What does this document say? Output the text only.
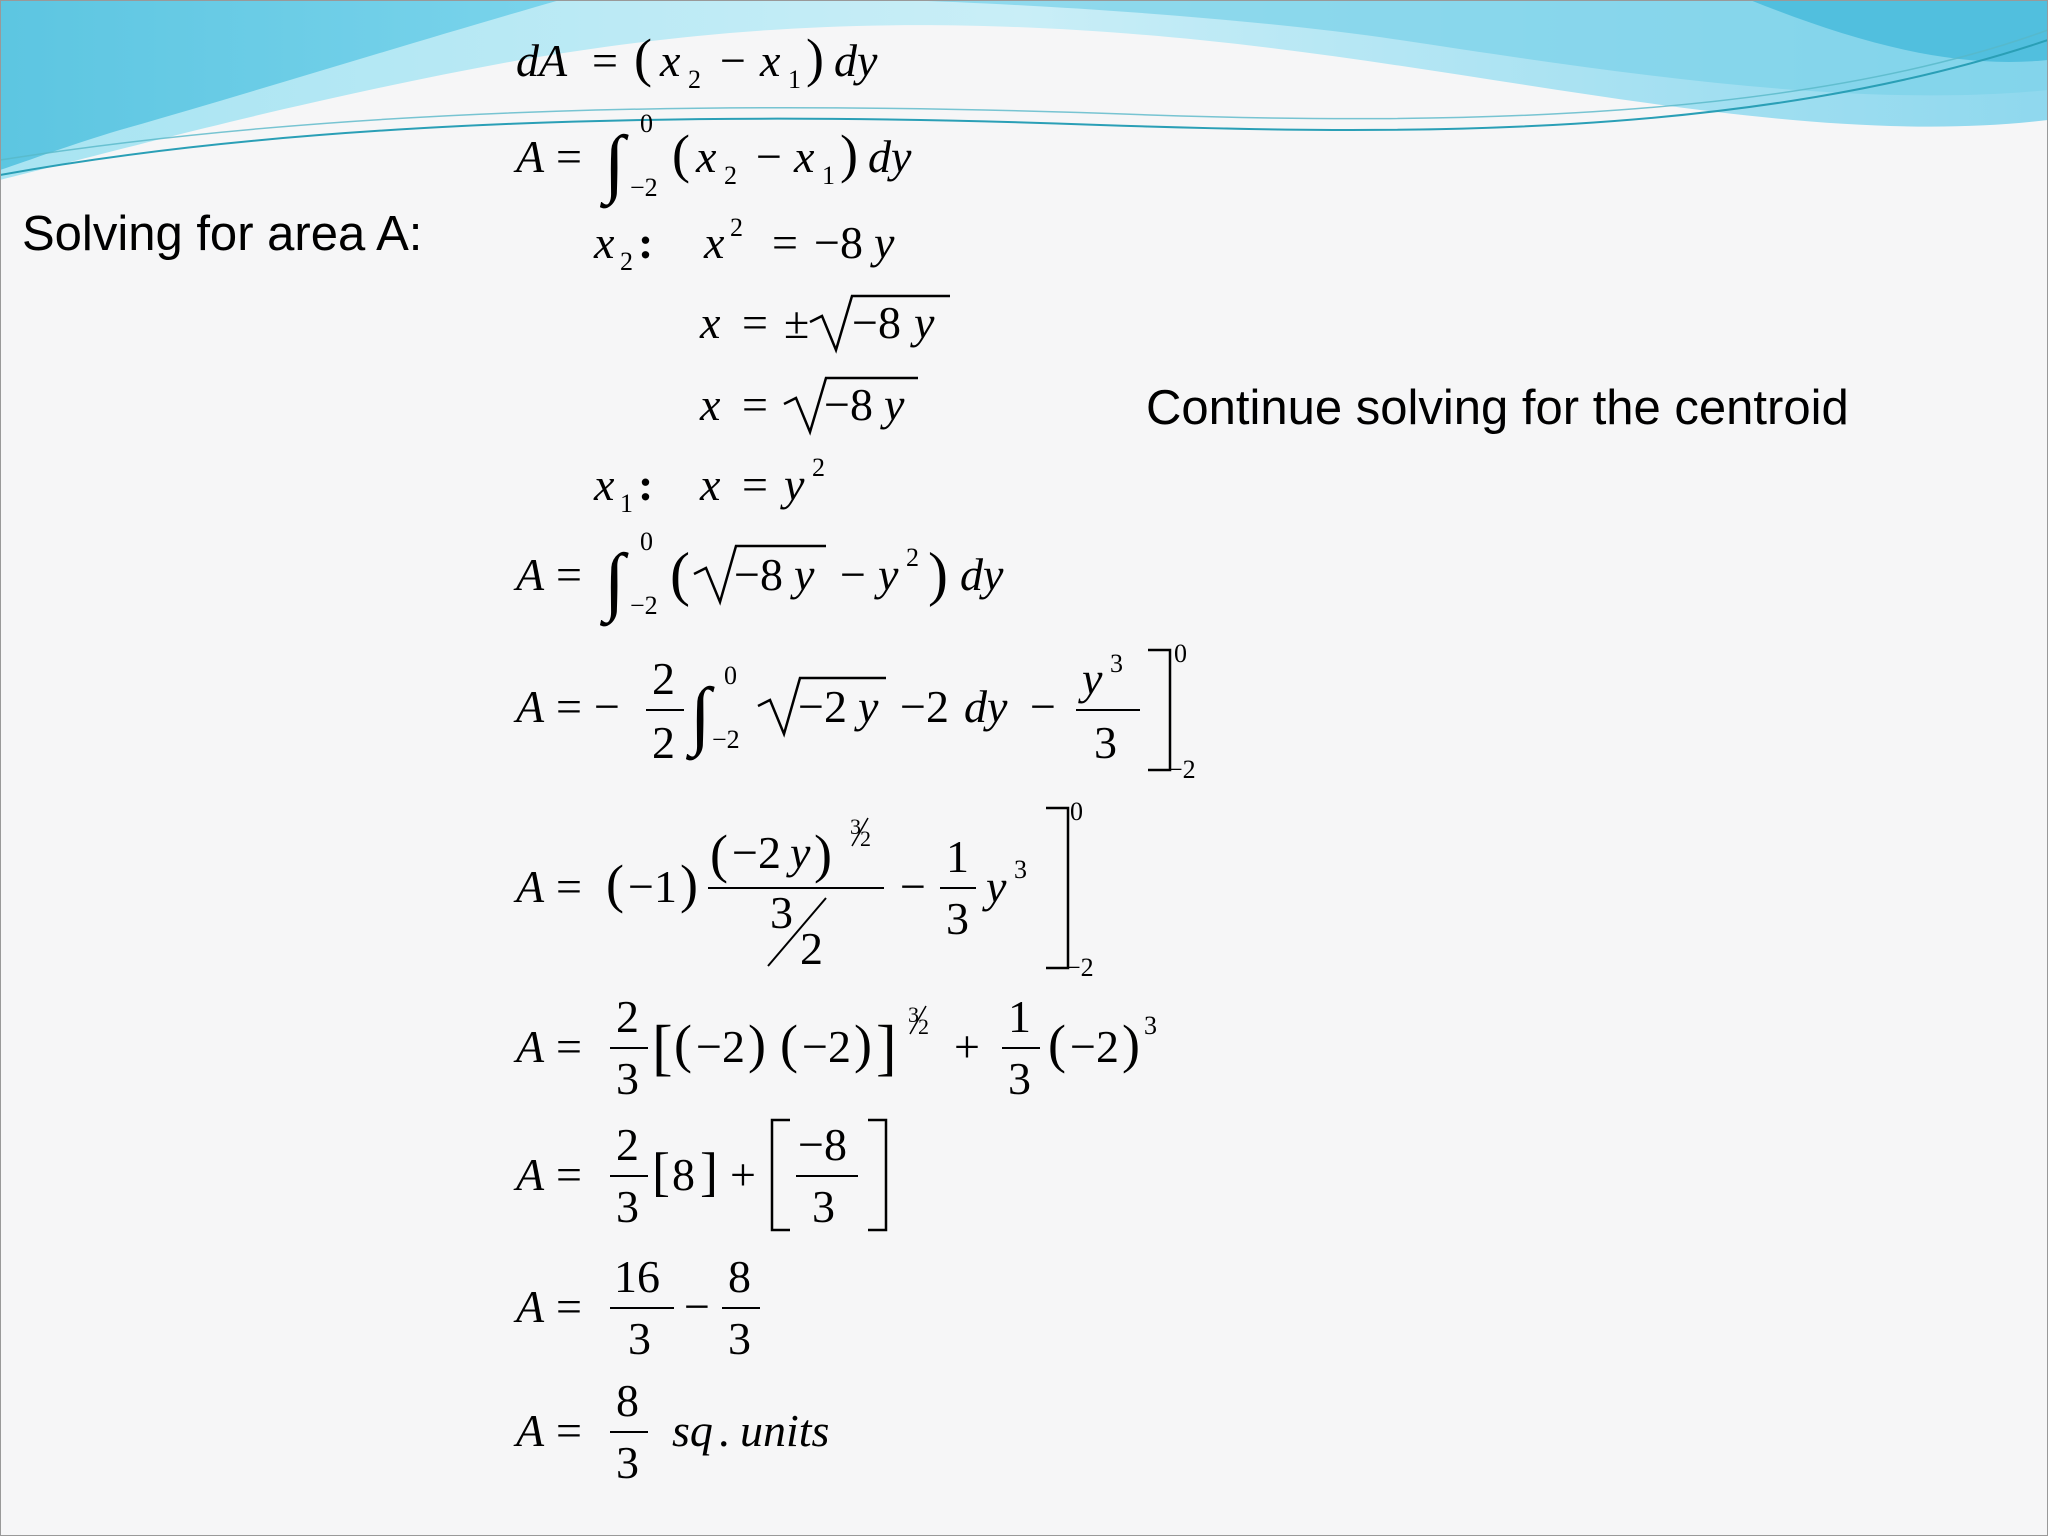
Solving for area A:
Continue solving for the centroid
dA = ( x 2 − x 1 ) dy
A = ∫ 0
−2
( x 2 − x 1 ) dy
x 2 : x 2 = −8 y
x = ± −8 y
x = −8 y
x 1 : x = y 2
A = ∫ 0
−2 ( −8 y − y 2 ) dy
A = −
2
2 ∫ 0
−2
−2 y −2 dy −
y 3
3
0
−2
A = ( −1 ) ( −2 y ) 3 2
3
2
−
1
3
y 3
0
−2
A =
2
3 [ ( −2 ) ( −2 ) ] 3 2 +
1
3
( −2 ) 3
A =
2
3
[ 8 ] +
−8
3
A =
16
3
−
8
3
A =
8
3
sq . units
